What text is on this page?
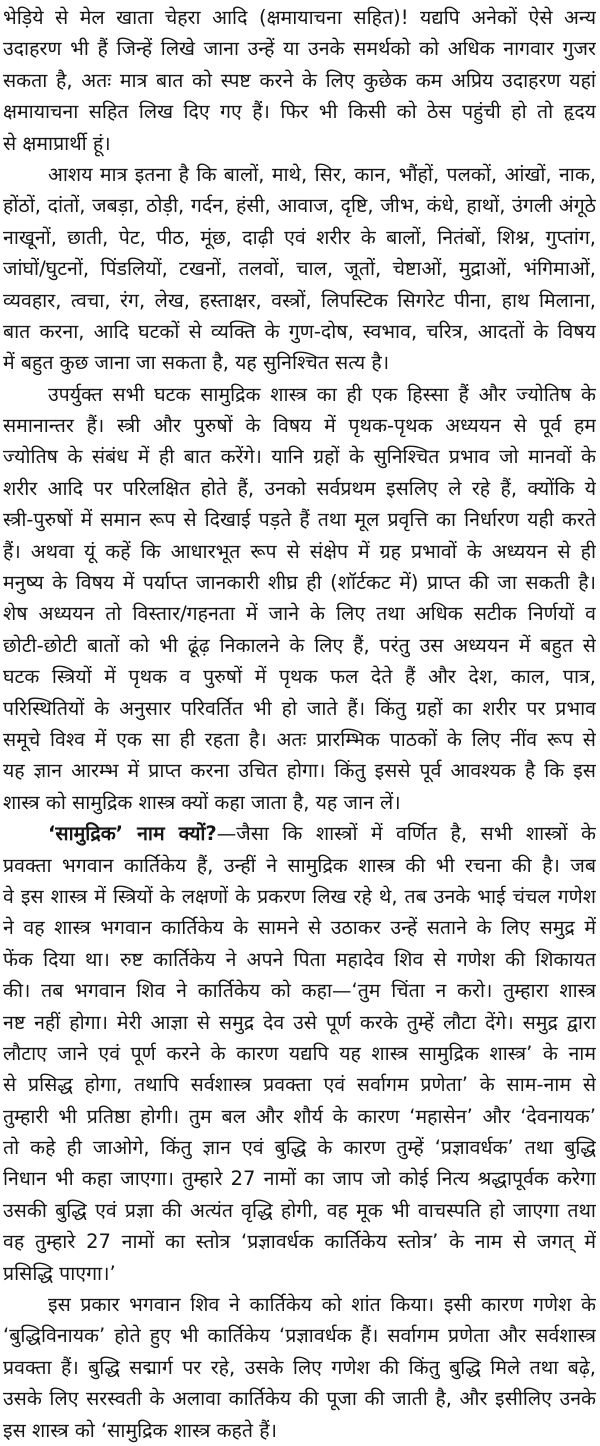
भेड़िये से मेल खाता चेहरा आदि (क्षमायाचना सहित)! यद्यपि अनेकों ऐसे अन्य
उदाहरण भी हैं जिन्हें लिखे जाना उन्हें या उनके समर्थको को अधिक नागवार गुजर
सकता है, अतः मात्र बात को स्पष्ट करने के लिए कुछेक कम अप्रिय उदाहरण यहां
क्षमायाचना सहित लिख दिए गए हैं। फिर भी किसी को ठेस पहुंची हो तो हृदय
से क्षमाप्रार्थी हूं।
आशय मात्र इतना है कि बालों, माथे, सिर, कान, भौंहों, पलकों, आंखों, नाक,
होंठों, दांतों, जबड़ा, ठोड़ी, गर्दन, हंसी, आवाज, दृष्टि, जीभ, कंधे, हाथों, उंगली अंगूठे
नाखूनों, छाती, पेट, पीठ, मूंछ, दाढ़ी एवं शरीर के बालों, नितंबों, शिश्न, गुप्तांग,
जांघों/घुटनों, पिंडलियों, टखनों, तलवों, चाल, जूतों, चेष्टाओं, मुद्राओं, भंगिमाओं,
व्यवहार, त्वचा, रंग, लेख, हस्ताक्षर, वस्त्रों, लिपस्टिक सिगरेट पीना, हाथ मिलाना,
बात करना, आदि घटकों से व्यक्ति के गुण-दोष, स्वभाव, चरित्र, आदतों के विषय
में बहुत कुछ जाना जा सकता है, यह सुनिश्चित सत्य है।
उपर्युक्त सभी घटक सामुद्रिक शास्त्र का ही एक हिस्सा हैं और ज्योतिष के
समानान्तर हैं। स्त्री और पुरुषों के विषय में पृथक-पृथक अध्ययन से पूर्व हम
ज्योतिष के संबंध में ही बात करेंगे। यानि ग्रहों के सुनिश्चित प्रभाव जो मानवों के
शरीर आदि पर परिलक्षित होते हैं, उनको सर्वप्रथम इसलिए ले रहे हैं, क्योंकि ये
स्त्री-पुरुषों में समान रूप से दिखाई पड़ते हैं तथा मूल प्रवृत्ति का निर्धारण यही करते
हैं। अथवा यूं कहें कि आधारभूत रूप से संक्षेप में ग्रह प्रभावों के अध्ययन से ही
मनुष्य के विषय में पर्याप्त जानकारी शीघ्र ही (शॉर्टकट में) प्राप्त की जा सकती है।
शेष अध्ययन तो विस्तार/गहनता में जाने के लिए तथा अधिक सटीक निर्णयों व
छोटी-छोटी बातों को भी ढूंढ़ निकालने के लिए हैं, परंतु उस अध्ययन में बहुत से
घटक स्त्रियों में पृथक व पुरुषों में पृथक फल देते हैं और देश, काल, पात्र,
परिस्थितियों के अनुसार परिवर्तित भी हो जाते हैं। किंतु ग्रहों का शरीर पर प्रभाव
समूचे विश्व में एक सा ही रहता है। अतः प्रारम्भिक पाठकों के लिए नींव रूप से
यह ज्ञान आरम्भ में प्राप्त करना उचित होगा। किंतु इससे पूर्व आवश्यक है कि इस
शास्त्र को सामुद्रिक शास्त्र क्यों कहा जाता है, यह जान लें।
‘सामुद्रिक’ नाम क्यों?—जैसा कि शास्त्रों में वर्णित है, सभी शास्त्रों के
प्रवक्ता भगवान कार्तिकेय हैं, उन्हीं ने सामुद्रिक शास्त्र की भी रचना की है। जब
वे इस शास्त्र में स्त्रियों के लक्षणों के प्रकरण लिख रहे थे, तब उनके भाई चंचल गणेश
ने वह शास्त्र भगवान कार्तिकेय के सामने से उठाकर उन्हें सताने के लिए समुद्र में
फेंक दिया था। रुष्ट कार्तिकेय ने अपने पिता महादेव शिव से गणेश की शिकायत
की। तब भगवान शिव ने कार्तिकेय को कहा—‘तुम चिंता न करो। तुम्हारा शास्त्र
नष्ट नहीं होगा। मेरी आज्ञा से समुद्र देव उसे पूर्ण करके तुम्हें लौटा देंगे। समुद्र द्वारा
लौटाए जाने एवं पूर्ण करने के कारण यद्यपि यह शास्त्र सामुद्रिक शास्त्र’ के नाम
से प्रसिद्ध होगा, तथापि सर्वशास्त्र प्रवक्ता एवं सर्वागम प्रणेता’ के साम-नाम से
तुम्हारी भी प्रतिष्ठा होगी। तुम बल और शौर्य के कारण ‘महासेन’ और ‘देवनायक’
तो कहे ही जाओगे, किंतु ज्ञान एवं बुद्धि के कारण तुम्हें ‘प्रज्ञावर्धक’ तथा बुद्धि
निधान भी कहा जाएगा। तुम्हारे 27 नामों का जाप जो कोई नित्य श्रद्धापूर्वक करेगा
उसकी बुद्धि एवं प्रज्ञा की अत्यंत वृद्धि होगी, वह मूक भी वाचस्पति हो जाएगा तथा
वह तुम्हारे 27 नामों का स्तोत्र ‘प्रज्ञावर्धक कार्तिकेय स्तोत्र’ के नाम से जगत् में
प्रसिद्धि पाएगा।’
इस प्रकार भगवान शिव ने कार्तिकेय को शांत किया। इसी कारण गणेश के
‘बुद्धिविनायक’ होते हुए भी कार्तिकेय ‘प्रज्ञावर्धक हैं। सर्वागम प्रणेता और सर्वशास्त्र
प्रवक्ता हैं। बुद्धि सद्मार्ग पर रहे, उसके लिए गणेश की किंतु बुद्धि मिले तथा बढ़े,
उसके लिए सरस्वती के अलावा कार्तिकेय की पूजा की जाती है, और इसीलिए उनके
इस शास्त्र को ‘सामुद्रिक शास्त्र कहते हैं।
